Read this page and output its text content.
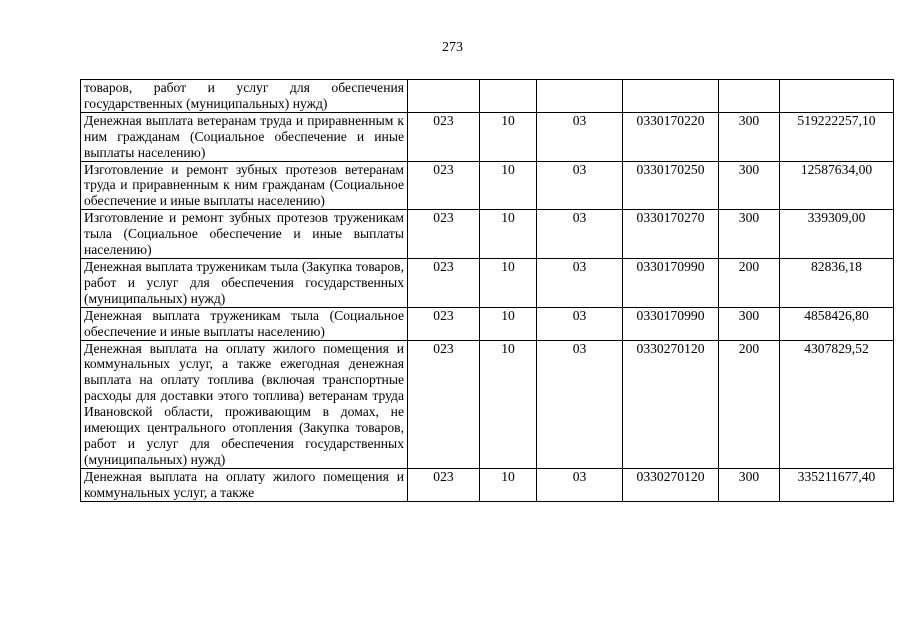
273
товаров, работ и услуг для обеспечения государственных (муниципальных) нужд)						
Денежная выплата ветеранам труда и приравненным к ним гражданам (Социальное обеспечение и иные выплаты населению)	023	10	03	0330170220	300	519222257,10
Изготовление и ремонт зубных протезов ветеранам труда и приравненным к ним гражданам (Социальное обеспечение и иные выплаты населению)	023	10	03	0330170250	300	12587634,00
Изготовление и ремонт зубных протезов труженикам тыла (Социальное обеспечение и иные выплаты населению)	023	10	03	0330170270	300	339309,00
Денежная выплата труженикам тыла (Закупка товаров, работ и услуг для обеспечения государственных (муниципальных) нужд)	023	10	03	0330170990	200	82836,18
Денежная выплата труженикам тыла (Социальное обеспечение и иные выплаты населению)	023	10	03	0330170990	300	4858426,80
Денежная выплата на оплату жилого помещения и коммунальных услуг, а также ежегодная денежная выплата на оплату топлива (включая транспортные расходы для доставки этого топлива) ветеранам труда Ивановской области, проживающим в домах, не имеющих центрального отопления (Закупка товаров, работ и услуг для обеспечения государственных (муниципальных) нужд)	023	10	03	0330270120	200	4307829,52
Денежная выплата на оплату жилого помещения и коммунальных услуг, а также	023	10	03	0330270120	300	335211677,40
